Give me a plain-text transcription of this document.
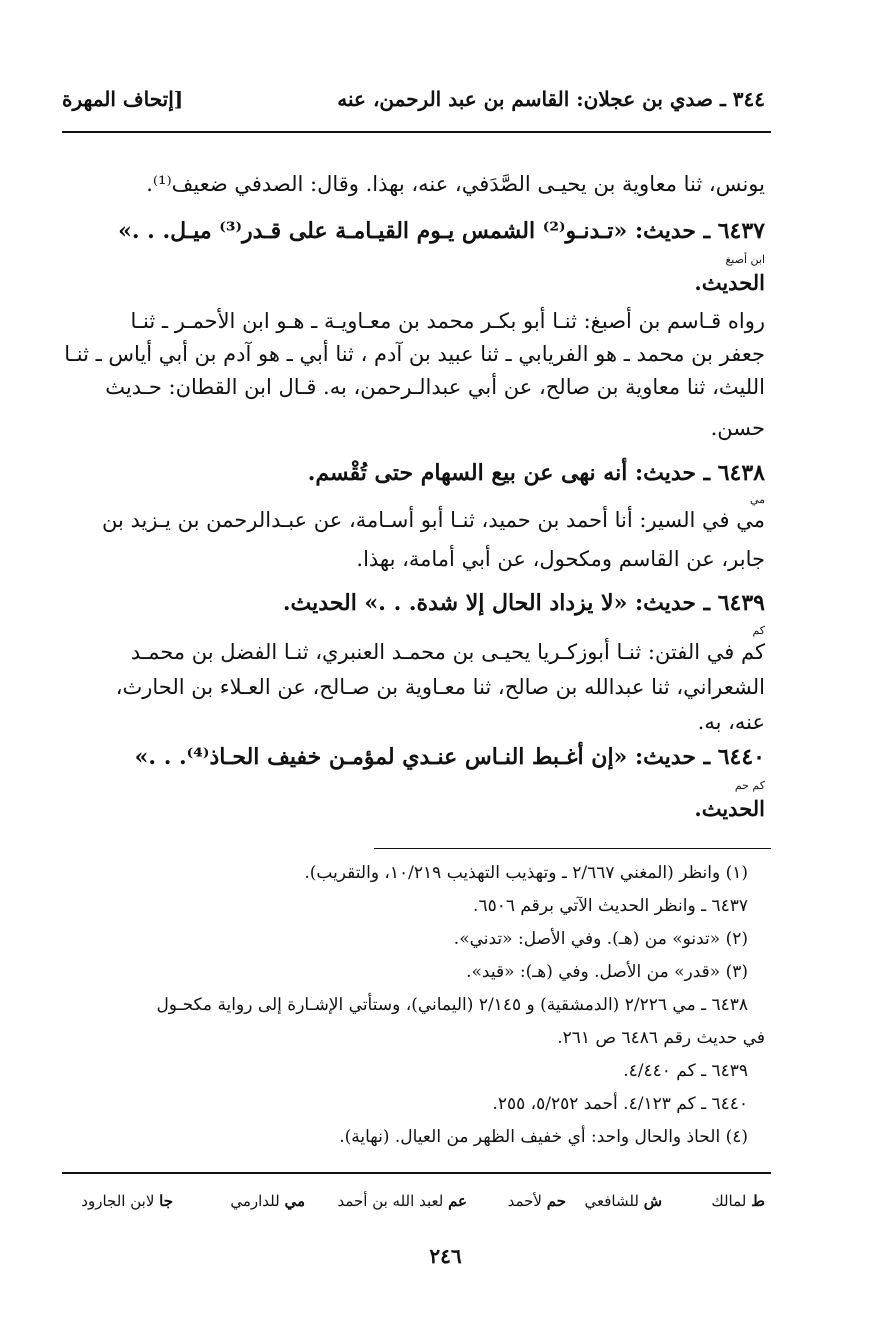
٣٤٤ ـ صدي بن عجلان: القاسم بن عبد الرحمن، عنه
[إتحاف المهرة
يونس، ثنا معاوية بن يحيـى الصَّدَفي، عنه، بهذا. وقال: الصدفي ضعيف⁽¹⁾.
٦٤٣٧ ـ حديث: «تـدنـو⁽²⁾ الشمس يـوم القيـامـة على قـدر⁽³⁾ ميـل. . .»
ابن أصبغ
الحديث.
رواه قـاسم بن أصبغ: ثنـا أبو بكـر محمد بن معـاويـة ـ هـو ابن الأحمـر ـ ثنـا
جعفر بن محمد ـ هو الفريابي ـ ثنا عبيد بن آدم ، ثنا أبي ـ هو آدم بن أبي أياس ـ ثنـا
الليث، ثنا معاوية بن صالح، عن أبي عبدالـرحمن، به. قـال ابن القطان: حـديث
حسن.
٦٤٣٨ ـ حديث: أنه نهى عن بيع السهام حتى تُقْسم.
مي
مي في السير: أنا أحمد بن حميد، ثنـا أبو أسـامة، عن عبـدالرحمن بن يـزيد بن
جابر، عن القاسم ومكحول، عن أبي أمامة، بهذا.
٦٤٣٩ ـ حديث: «لا يزداد الحال إلا شدة. . .» الحديث.
كم
كم في الفتن: ثنـا أبوزكـريا يحيـى بن محمـد العنبري، ثنـا الفضل بن محمـد
الشعراني، ثنا عبدالله بن صالح، ثنا معـاوية بن صـالح، عن العـلاء بن الحارث،
عنه، به.
٦٤٤٠ ـ حديث: «إن أغـبط النـاس عنـدي لمؤمـن خفيف الحـاذ⁽⁴⁾. . .»
كم حم
الحديث.
(١) وانظر (المغني ٢/٦٦٧ ـ وتهذيب التهذيب ١٠/٢١٩، والتقريب).
٦٤٣٧ ـ وانظر الحديث الآتي برقم ٦٥٠٦.
(٢) «تدنو» من (هـ). وفي الأصل: «تدني».
(٣) «قدر» من الأصل. وفي (هـ): «قيد».
٦٤٣٨ ـ مي ٢/٢٢٦ (الدمشقية) و ٢/١٤٥ (اليماني)، وستأتي الإشـارة إلى رواية مكحـول
في حديث رقم ٦٤٨٦ ص ٢٦١.
٦٤٣٩ ـ كم ٤/٤٤٠.
٦٤٤٠ ـ كم ٤/١٢٣. أحمد ٥/٢٥٢، ٢٥٥.
(٤) الحاذ والحال واحد: أي خفيف الظهر من العيال. (نهاية).
ط لمالك
ش للشافعي
حم لأحمد
عم لعبد الله بن أحمد
مي للدارمي
جا لابن الجارود
٢٤٦
